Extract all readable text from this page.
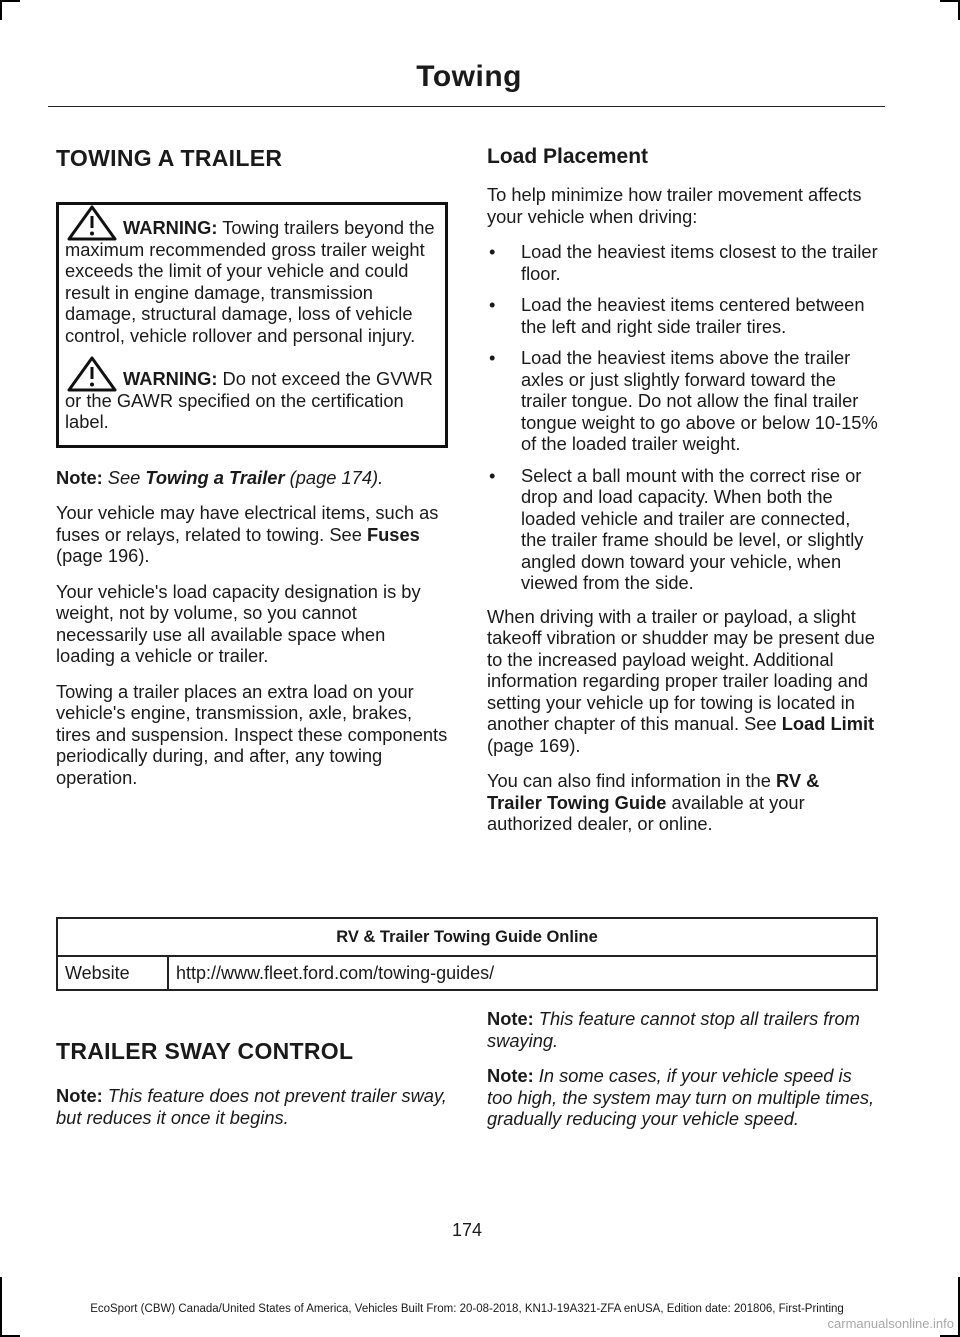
Towing
TOWING A TRAILER

WARNING: Towing trailers beyond the maximum recommended gross trailer weight exceeds the limit of your vehicle and could result in engine damage, transmission damage, structural damage, loss of vehicle control, vehicle rollover and personal injury.

WARNING: Do not exceed the GVWR or the GAWR specified on the certification label.

Note: See Towing a Trailer (page 174).

Your vehicle may have electrical items, such as fuses or relays, related to towing. See Fuses (page 196).

Your vehicle's load capacity designation is by weight, not by volume, so you cannot necessarily use all available space when loading a vehicle or trailer.

Towing a trailer places an extra load on your vehicle's engine, transmission, axle, brakes, tires and suspension. Inspect these components periodically during, and after, any towing operation.

Load Placement

To help minimize how trailer movement affects your vehicle when driving:

• Load the heaviest items closest to the trailer floor.
• Load the heaviest items centered between the left and right side trailer tires.
• Load the heaviest items above the trailer axles or just slightly forward toward the trailer tongue. Do not allow the final trailer tongue weight to go above or below 10-15% of the loaded trailer weight.
• Select a ball mount with the correct rise or drop and load capacity. When both the loaded vehicle and trailer are connected, the trailer frame should be level, or slightly angled down toward your vehicle, when viewed from the side.

When driving with a trailer or payload, a slight takeoff vibration or shudder may be present due to the increased payload weight. Additional information regarding proper trailer loading and setting your vehicle up for towing is located in another chapter of this manual. See Load Limit (page 169).

You can also find information in the RV & Trailer Towing Guide available at your authorized dealer, or online.

RV & Trailer Towing Guide Online
Website	http://www.fleet.ford.com/towing-guides/
TRAILER SWAY CONTROL

Note: This feature does not prevent trailer sway, but reduces it once it begins.

Note: This feature cannot stop all trailers from swaying.

Note: In some cases, if your vehicle speed is too high, the system may turn on multiple times, gradually reducing your vehicle speed.

174
EcoSport (CBW) Canada/United States of America, Vehicles Built From: 20-08-2018, KN1J-19A321-ZFA enUSA, Edition date: 201806, First-Printing
carmanualsonline.info
